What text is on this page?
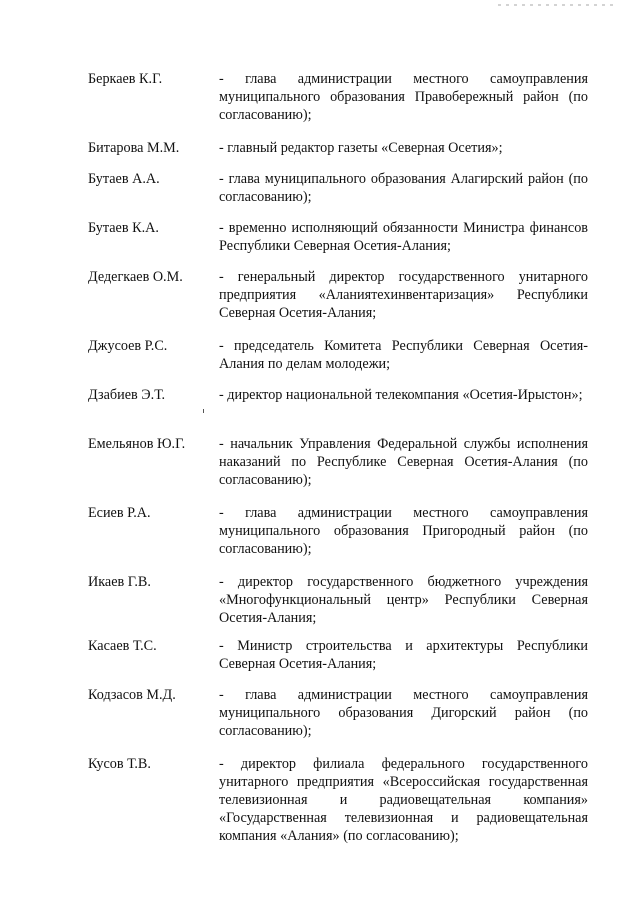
Беркаев К.Г.	- глава администрации местного самоуправления муниципального образования Правобережный район (по согласованию);
Битарова М.М.	- главный редактор газеты «Северная Осетия»;
Бутаев А.А.	- глава муниципального образования Алагирский район (по согласованию);
Бутаев К.А.	- временно исполняющий обязанности Министра финансов Республики Северная Осетия-Алания;
Дедегкаев О.М.	- генеральный директор государственного унитарного предприятия «Аланиятехинвентаризация» Республики Северная Осетия-Алания;
Джусоев Р.С.	- председатель Комитета Республики Северная Осетия-Алания по делам молодежи;
Дзабиев Э.Т.	- директор национальной телекомпания «Осетия-Ирыстон»;
Емельянов Ю.Г.	- начальник Управления Федеральной службы исполнения наказаний по Республике Северная Осетия-Алания (по согласованию);
Есиев Р.А.	- глава администрации местного самоуправления муниципального образования Пригородный район (по согласованию);
Икаев Г.В.	- директор государственного бюджетного учреждения «Многофункциональный центр» Республики Северная Осетия-Алания;
Касаев Т.С.	- Министр строительства и архитектуры Республики Северная Осетия-Алания;
Кодзасов М.Д.	- глава администрации местного самоуправления муниципального образования Дигорский район (по согласованию);
Кусов Т.В.	- директор филиала федерального государственного унитарного предприятия «Всероссийская государственная телевизионная и радиовещательная компания» «Государственная телевизионная и радиовещательная компания «Алания» (по согласованию);
